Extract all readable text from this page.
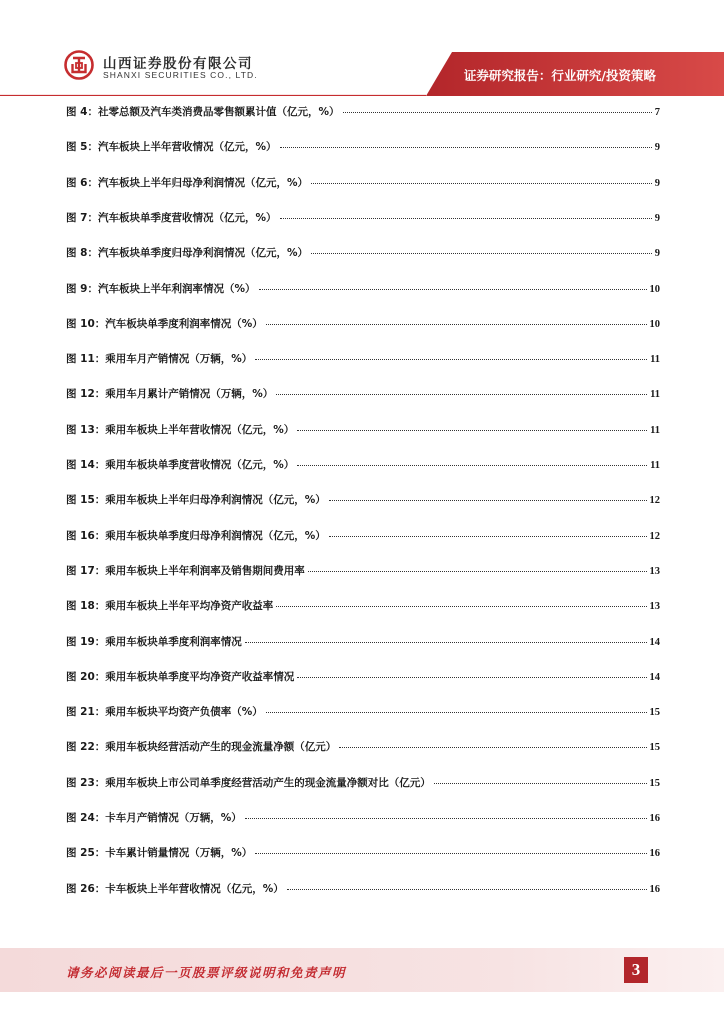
山西证券股份有限公司
SHANXI SECURITIES CO., LTD.	证券研究报告：行业研究/投资策略
图 4： 社零总额及汽车类消费品零售额累计值（亿元，%）	7
图 5： 汽车板块上半年营收情况（亿元，%）	9
图 6： 汽车板块上半年归母净利润情况（亿元，%）	9
图 7： 汽车板块单季度营收情况（亿元，%）	9
图 8： 汽车板块单季度归母净利润情况（亿元，%）	9
图 9： 汽车板块上半年利润率情况（%）	10
图 10： 汽车板块单季度利润率情况（%）	10
图 11： 乘用车月产销情况（万辆，%）	11
图 12： 乘用车月累计产销情况（万辆，%）	11
图 13： 乘用车板块上半年营收情况（亿元，%）	11
图 14： 乘用车板块单季度营收情况（亿元，%）	11
图 15： 乘用车板块上半年归母净利润情况（亿元，%）	12
图 16： 乘用车板块单季度归母净利润情况（亿元，%）	12
图 17： 乘用车板块上半年利润率及销售期间费用率	13
图 18： 乘用车板块上半年平均净资产收益率	13
图 19： 乘用车板块单季度利润率情况	14
图 20： 乘用车板块单季度平均净资产收益率情况	14
图 21： 乘用车板块平均资产负债率（%）	15
图 22： 乘用车板块经营活动产生的现金流量净额（亿元）	15
图 23： 乘用车板块上市公司单季度经营活动产生的现金流量净额对比（亿元）	15
图 24： 卡车月产销情况（万辆，%）	16
图 25： 卡车累计销量情况（万辆，%）	16
图 26： 卡车板块上半年营收情况（亿元，%）	16
请务必阅读最后一页股票评级说明和免责声明	3
